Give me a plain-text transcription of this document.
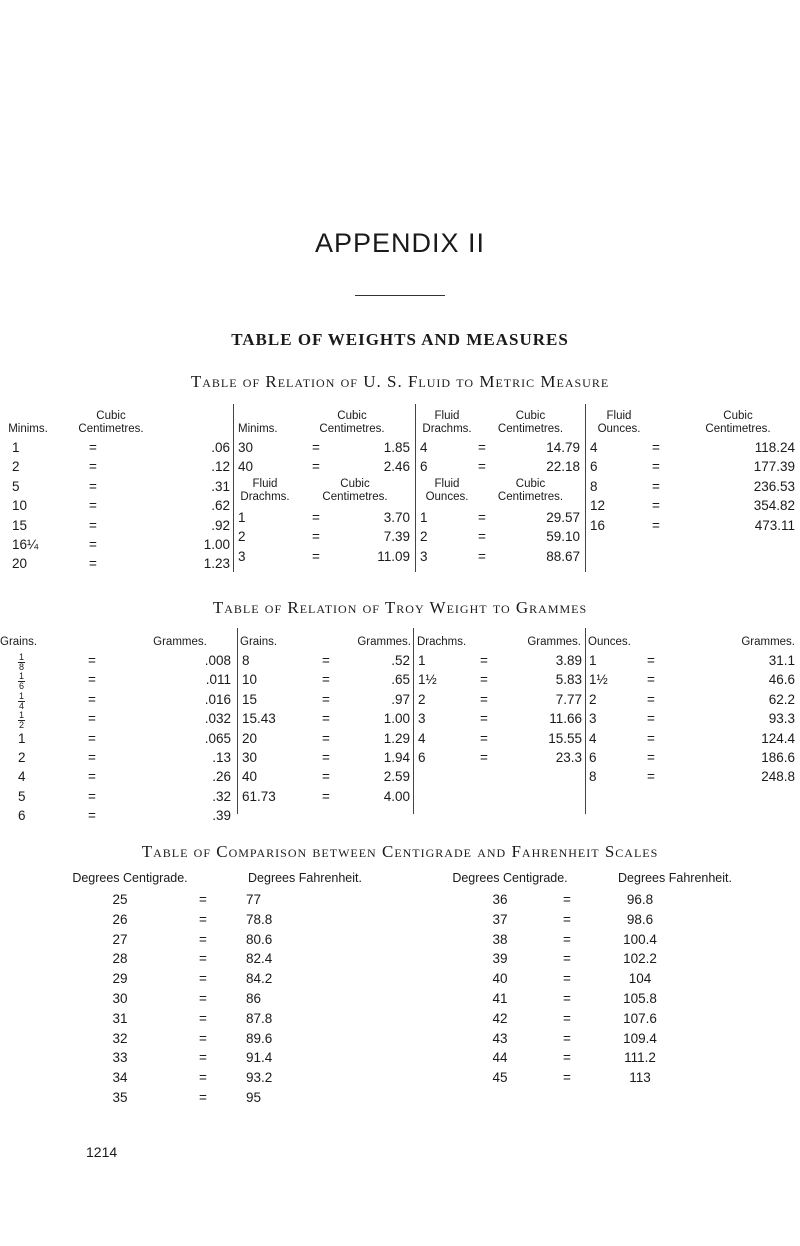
APPENDIX II
TABLE OF WEIGHTS AND MEASURES
Table of Relation of U. S. Fluid to Metric Measure
Minims.
Cubic
Centimetres.
1	=	.06
2	=	.12
5	=	.31
10	=	.62
15	=	.92
16¼	=	1.00
20	=	1.23
Minims.
Cubic
Centimetres.
30	=	1.85
40	=	2.46
Fluid
Drachms.
Cubic
Centimetres.
1	=	3.70
2	=	7.39
3	=	11.09
Fluid
Drachms.
Cubic
Centimetres.
4	=	14.79
6	=	22.18
Fluid
Ounces.
Cubic
Centimetres.
1	=	29.57
2	=	59.10
3	=	88.67
Fluid
Ounces.
Cubic
Centimetres.
4	=	118.24
6	=	177.39
8	=	236.53
12	=	354.82
16	=	473.11
Table of Relation of Troy Weight to Grammes
Grains.	Grammes.
$\frac{1}{8}$	=	.008
$\frac{1}{6}$	=	.011
$\frac{1}{4}$	=	.016
$\frac{1}{2}$	=	.032
1	=	.065
2	=	.13
4	=	.26
5	=	.32
6	=	.39
Grains.	Grammes.
8	=	.52
10	=	.65
15	=	.97
15.43	=	1.00
20	=	1.29
30	=	1.94
40	=	2.59
61.73	=	4.00
Drachms.	Grammes.
1	=	3.89
1½	=	5.83
2	=	7.77
3	=	11.66
4	=	15.55
6	=	23.3
Ounces.	Grammes.
1	=	31.1
1½	=	46.6
2	=	62.2
3	=	93.3
4	=	124.4
6	=	186.6
8	=	248.8
Table of Comparison between Centigrade and Fahrenheit Scales
Degrees Centigrade.	Degrees Fahrenheit.
25	=	77
26	=	78.8
27	=	80.6
28	=	82.4
29	=	84.2
30	=	86
31	=	87.8
32	=	89.6
33	=	91.4
34	=	93.2
35	=	95
Degrees Centigrade.	Degrees Fahrenheit.
36	=	96.8
37	=	98.6
38	=	100.4
39	=	102.2
40	=	104
41	=	105.8
42	=	107.6
43	=	109.4
44	=	111.2
45	=	113
1214
